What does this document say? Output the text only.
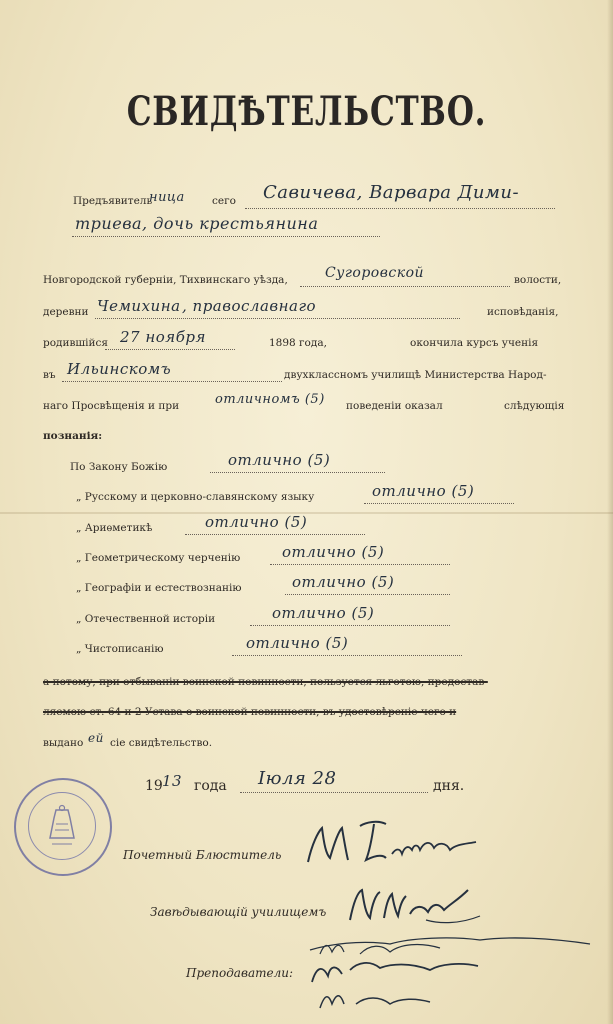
СВИДѢТЕЛЬСТВО.
Предъявитель
ница	сего Савичева, Варвара Дими-
триева, дочь крестьянина
Новгородской губерніи, Тихвинскаго уѣзда,	Сугоровской	волости,
деревни Чемихина , православнаго	исповѣданія,
родившійся 27 ноября	1898 года,	окончила курсъ ученія
въ Ильинскомъ	двухклассномъ училищѣ Министерства Народ-
наго Просвѣщенія и при	отличномъ (5) поведеніи оказал	слѣдующія
познанія:
По Закону Божію	отлично (5)
„ Русскому и церковно-славянскому языку	отлично (5)
„ Ариѳметикѣ	отлично (5)
„ Геометрическому черченію	отлично (5)
„ Географіи и естествознанію	отлично (5)
„ Отечественной исторіи	отлично (5)
„ Чистописанію	отлично (5)
а потому, при отбываніи воинской повинности, пользуется льготою, предостав-
ляемою ст. 64 и 2 Устава о воинской повинности, въ удостовѣреніе чего и
выдано ей сіе свидѣтельство.
19 13 года Іюля 28	дня.
Почетный Блюститель
Завѣдывающій училищемъ
Преподаватели:
